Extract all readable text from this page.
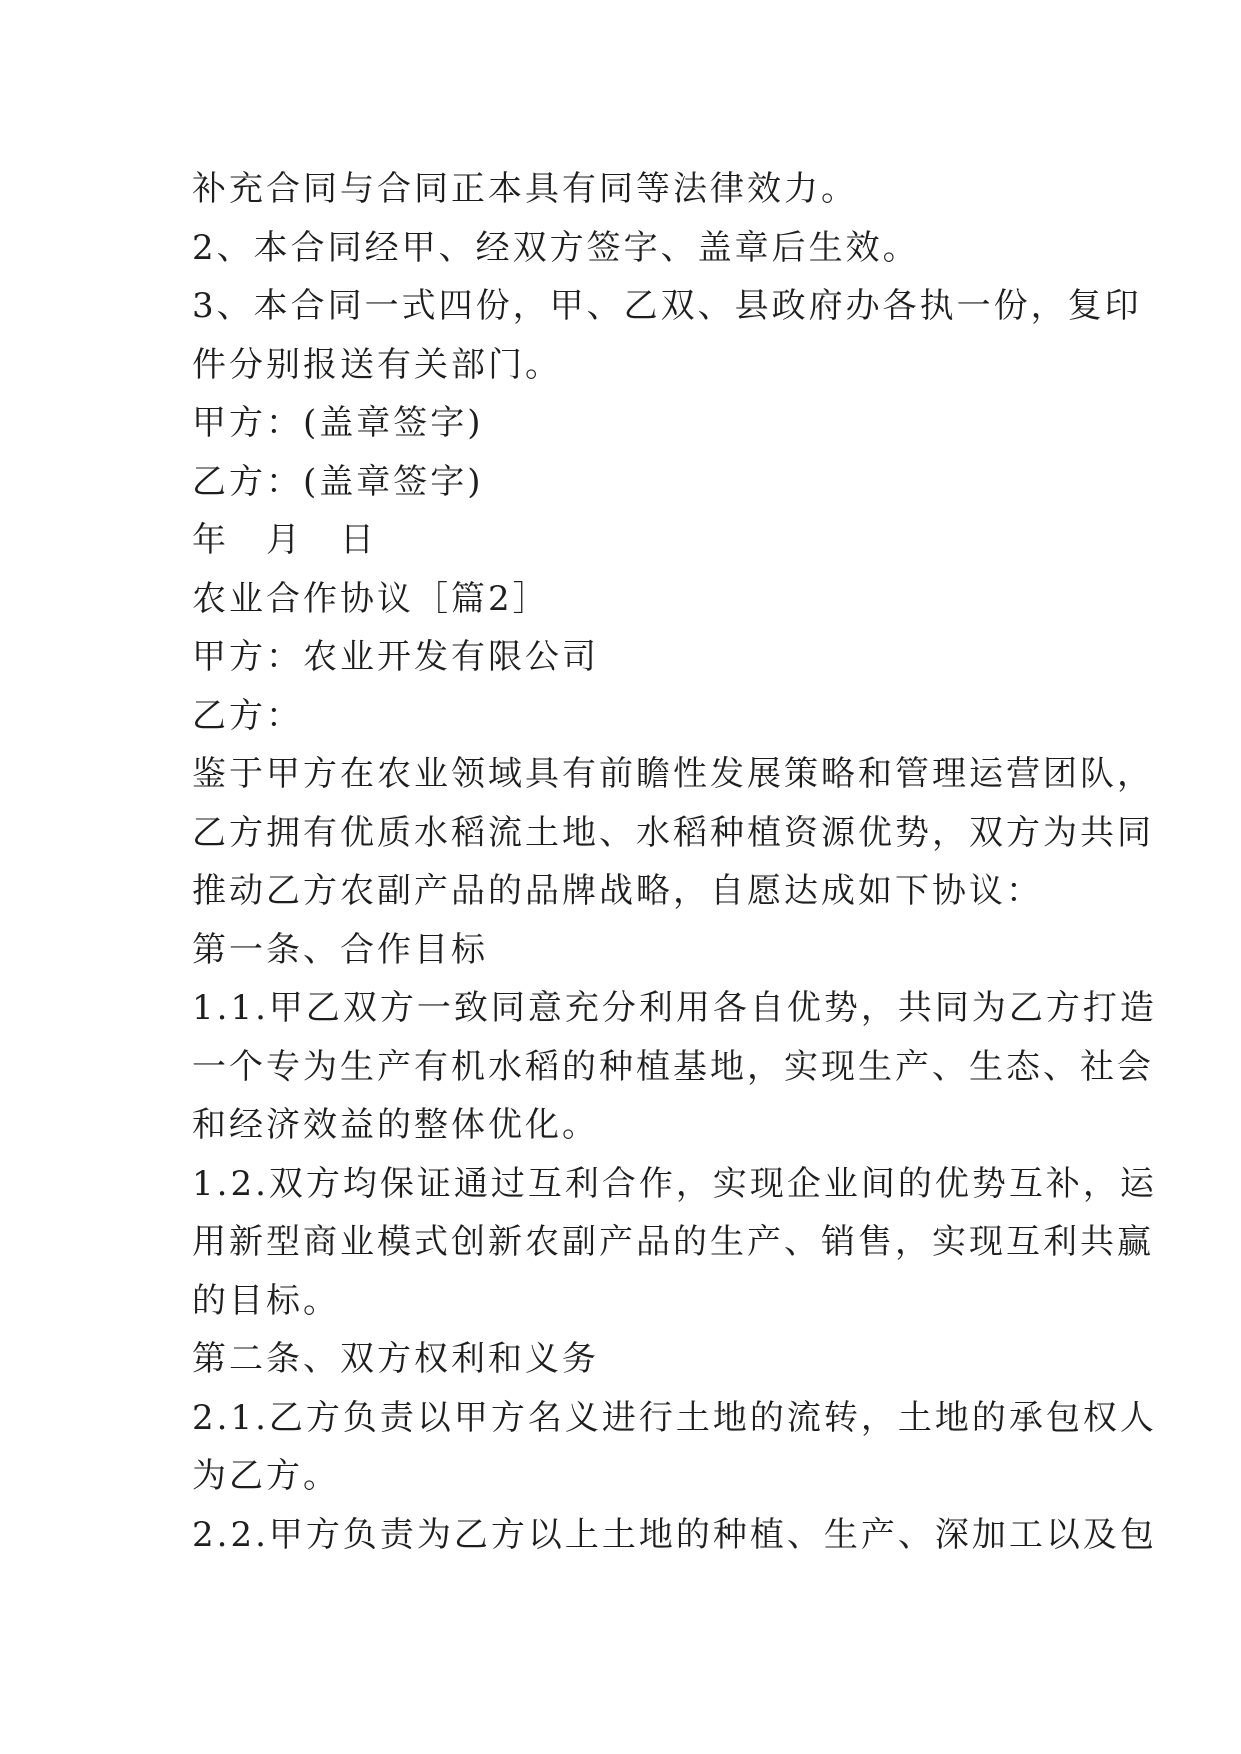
补充合同与合同正本具有同等法律效力。
2、本合同经甲、经双方签字、盖章后生效。
3、本合同一式四份，甲、乙双、县政府办各执一份，复印
件分别报送有关部门。
甲方：(盖章签字)
乙方：(盖章签字)
年　月　日
农业合作协议［篇2］
甲方：农业开发有限公司
乙方：
鉴于甲方在农业领域具有前瞻性发展策略和管理运营团队，
乙方拥有优质水稻流土地、水稻种植资源优势，双方为共同
推动乙方农副产品的品牌战略，自愿达成如下协议：
第一条、合作目标
1.1.甲乙双方一致同意充分利用各自优势，共同为乙方打造
一个专为生产有机水稻的种植基地，实现生产、生态、社会
和经济效益的整体优化。
1.2.双方均保证通过互利合作，实现企业间的优势互补，运
用新型商业模式创新农副产品的生产、销售，实现互利共赢
的目标。
第二条、双方权利和义务
2.1.乙方负责以甲方名义进行土地的流转，土地的承包权人
为乙方。
2.2.甲方负责为乙方以上土地的种植、生产、深加工以及包
